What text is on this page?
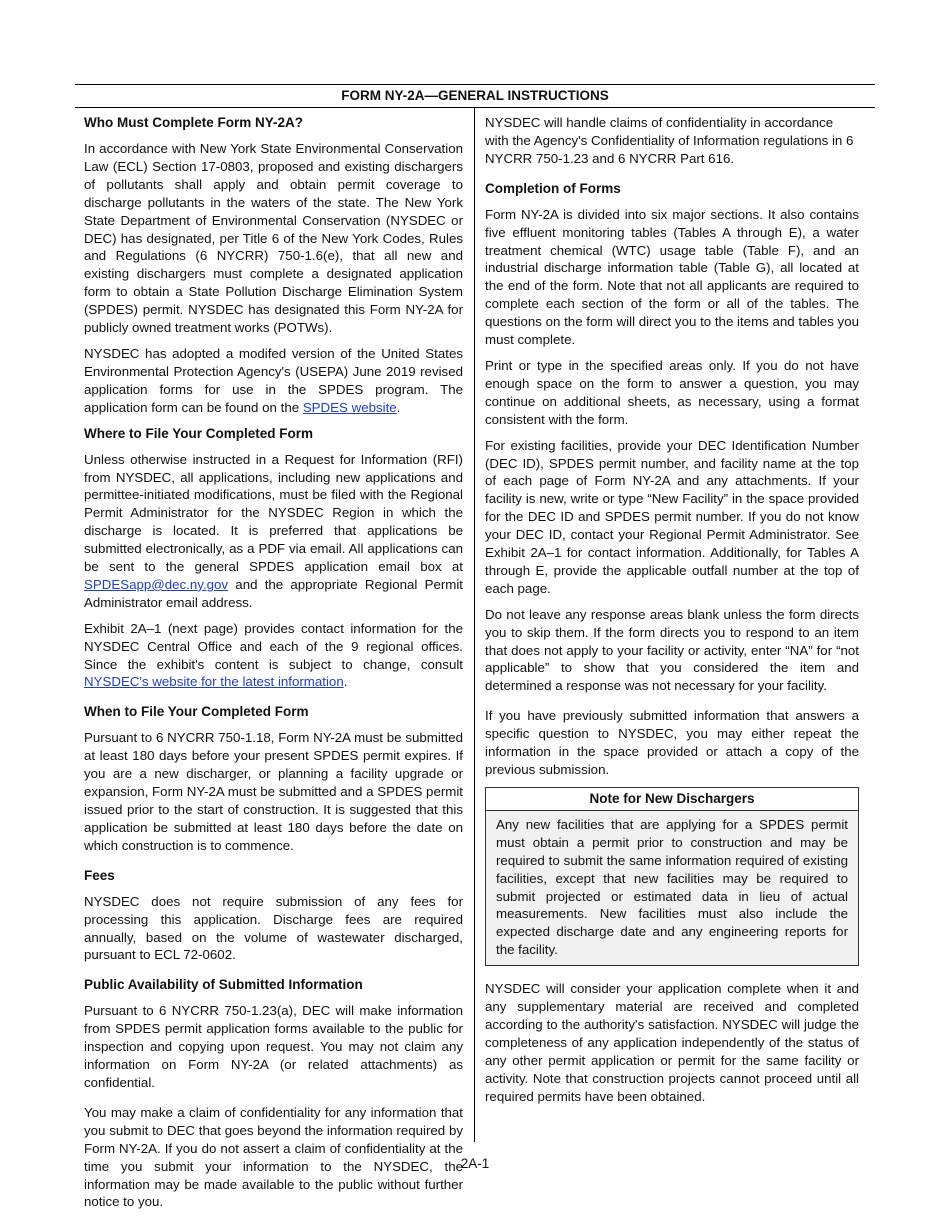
FORM NY-2A—GENERAL INSTRUCTIONS
Who Must Complete Form NY-2A?

In accordance with New York State Environmental Conservation Law (ECL) Section 17-0803, proposed and existing dischargers of pollutants shall apply and obtain permit coverage to discharge pollutants in the waters of the state. The New York State Department of Environmental Conservation (NYSDEC or DEC) has designated, per Title 6 of the New York Codes, Rules and Regulations (6 NYCRR) 750-1.6(e), that all new and existing dischargers must complete a designated application form to obtain a State Pollution Discharge Elimination System (SPDES) permit. NYSDEC has designated this Form NY-2A for publicly owned treatment works (POTWs).

NYSDEC has adopted a modifed version of the United States Environmental Protection Agency's (USEPA) June 2019 revised application forms for use in the SPDES program. The application form can be found on the SPDES website.

Where to File Your Completed Form

Unless otherwise instructed in a Request for Information (RFI) from NYSDEC, all applications, including new applications and permittee-initiated modifications, must be filed with the Regional Permit Administrator for the NYSDEC Region in which the discharge is located. It is preferred that applications be submitted electronically, as a PDF via email. All applications can be sent to the general SPDES application email box at SPDESapp@dec.ny.gov and the appropriate Regional Permit Administrator email address.

Exhibit 2A–1 (next page) provides contact information for the NYSDEC Central Office and each of the 9 regional offices. Since the exhibit's content is subject to change, consult NYSDEC's website for the latest information.

When to File Your Completed Form

Pursuant to 6 NYCRR 750-1.18, Form NY-2A must be submitted at least 180 days before your present SPDES permit expires. If you are a new discharger, or planning a facility upgrade or expansion, Form NY-2A must be submitted and a SPDES permit issued prior to the start of construction. It is suggested that this application be submitted at least 180 days before the date on which construction is to commence.

Fees

NYSDEC does not require submission of any fees for processing this application. Discharge fees are required annually, based on the volume of wastewater discharged, pursuant to ECL 72-0602.

Public Availability of Submitted Information

Pursuant to 6 NYCRR 750-1.23(a), DEC will make information from SPDES permit application forms available to the public for inspection and copying upon request. You may not claim any information on Form NY-2A (or related attachments) as confidential.

You may make a claim of confidentiality for any information that you submit to DEC that goes beyond the information required by Form NY-2A. If you do not assert a claim of confidentiality at the time you submit your information to the NYSDEC, the information may be made available to the public without further notice to you.

NYSDEC will handle claims of confidentiality in accordance with the Agency's Confidentiality of Information regulations in 6 NYCRR 750-1.23 and 6 NYCRR Part 616.

Completion of Forms

Form NY-2A is divided into six major sections. It also contains five effluent monitoring tables (Tables A through E), a water treatment chemical (WTC) usage table (Table F), and an industrial discharge information table (Table G), all located at the end of the form. Note that not all applicants are required to complete each section of the form or all of the tables. The questions on the form will direct you to the items and tables you must complete.

Print or type in the specified areas only. If you do not have enough space on the form to answer a question, you may continue on additional sheets, as necessary, using a format consistent with the form.

For existing facilities, provide your DEC Identification Number (DEC ID), SPDES permit number, and facility name at the top of each page of Form NY-2A and any attachments. If your facility is new, write or type “New Facility” in the space provided for the DEC ID and SPDES permit number. If you do not know your DEC ID, contact your Regional Permit Administrator. See Exhibit 2A–1 for contact information. Additionally, for Tables A through E, provide the applicable outfall number at the top of each page.

Do not leave any response areas blank unless the form directs you to skip them. If the form directs you to respond to an item that does not apply to your facility or activity, enter “NA” for “not applicable” to show that you considered the item and determined a response was not necessary for your facility.

If you have previously submitted information that answers a specific question to NYSDEC, you may either repeat the information in the space provided or attach a copy of the previous submission.

Note for New Dischargers
Any new facilities that are applying for a SPDES permit must obtain a permit prior to construction and may be required to submit the same information required of existing facilities, except that new facilities may be required to submit projected or estimated data in lieu of actual measurements. New facilities must also include the expected discharge date and any engineering reports for the facility.

NYSDEC will consider your application complete when it and any supplementary material are received and completed according to the authority's satisfaction. NYSDEC will judge the completeness of any application independently of the status of any other permit application or permit for the same facility or activity. Note that construction projects cannot proceed until all required permits have been obtained.

2A-1
